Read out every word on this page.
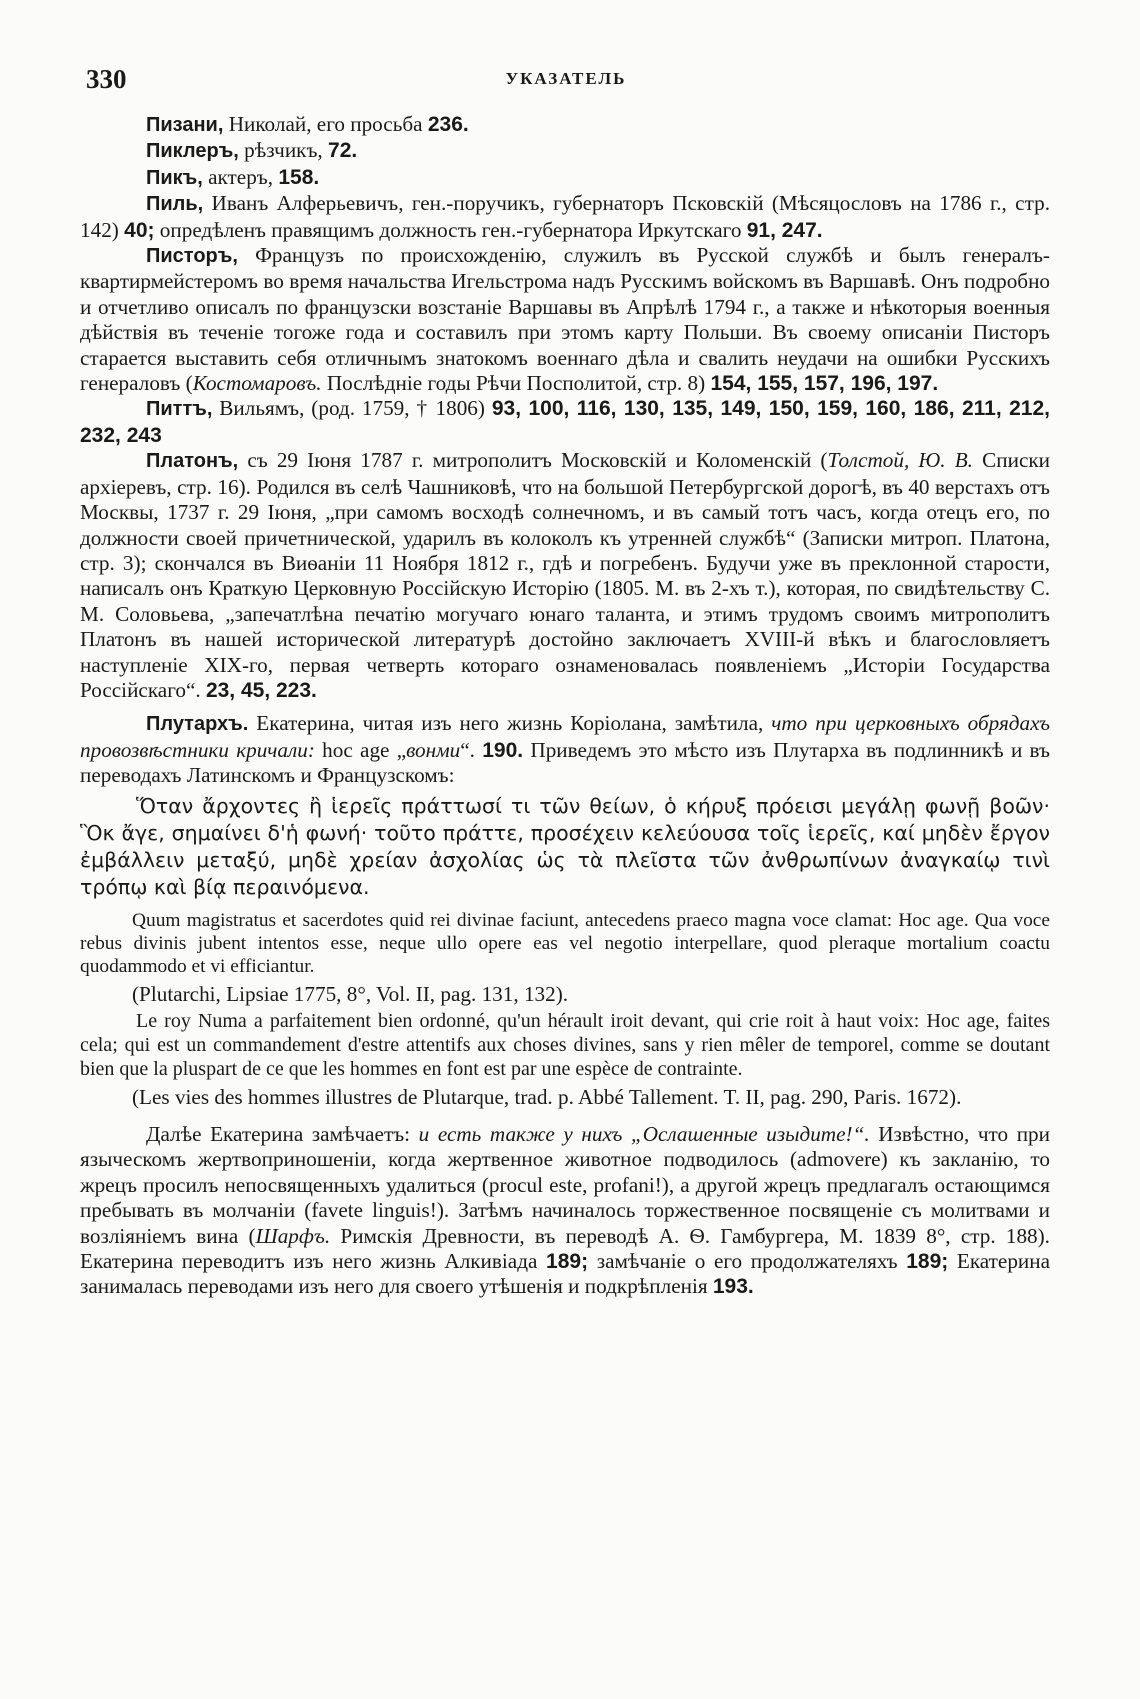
330	УКАЗАТЕЛЬ

Пизани, Николай, его просьба 236.

Пиклеръ, рѣзчикъ, 72.

Пикъ, актеръ, 158.

Пиль, Иванъ Алферьевичъ, ген.-поручикъ, губернаторъ Псковскій (Мѣсяцословъ на 1786 г., стр. 142) 40; опредѣленъ правящимъ должность ген.-губернатора Иркутскаго 91, 247.

Писторъ, Французъ по происхожденію, служилъ въ Русской службѣ и былъ генералъ-квартирмейстеромъ во время начальства Игельстрома надъ Русскимъ войскомъ въ Варшавѣ. Онъ подробно и отчетливо описалъ по французски возстаніе Варшавы въ Апрѣлѣ 1794 г., а также и нѣкоторыя военныя дѣйствія въ теченіе тогоже года и составилъ при этомъ карту Польши. Въ своему описаніи Писторъ старается выставить себя отличнымъ знатокомъ военнаго дѣла и свалить неудачи на ошибки Русскихъ генераловъ (Костомаровъ. Послѣдніе годы Рѣчи Посполитой, стр. 8) 154, 155, 157, 196, 197.

Питтъ, Вильямъ, (род. 1759, † 1806) 93, 100, 116, 130, 135, 149, 150, 159, 160, 186, 211, 212, 232, 243

Платонъ, съ 29 Іюня 1787 г. митрополитъ Московскій и Коломенскій (Толстой, Ю. В. Списки архіеревъ, стр. 16). Родился въ селѣ Чашниковѣ, что на большой Петербургской дорогѣ, въ 40 верстахъ отъ Москвы, 1737 г. 29 Іюня, „при самомъ восходѣ солнечномъ, и въ самый тотъ часъ, когда отецъ его, по должности своей причетнической, ударилъ въ колоколъ къ утренней службѣ“ (Записки митроп. Платона, стр. 3); скончался въ Виѳаніи 11 Ноября 1812 г., гдѣ и погребенъ. Будучи уже въ преклонной старости, написалъ онъ Краткую Церковную Россійскую Исторію (1805. М. въ 2-хъ т.), которая, по свидѣтельству С. М. Соловьева, „запечатлѣна печатію могучаго юнаго таланта, и этимъ трудомъ своимъ митрополитъ Платонъ въ нашей исторической литературѣ достойно заключаетъ XVIII-й вѣкъ и благословляетъ наступленіе XIX-го, первая четверть котораго ознаменовалась появленіемъ „Исторіи Государства Россійскаго“. 23, 45, 223.

Плутархъ. Екатерина, читая изъ него жизнь Коріолана, замѣтила, что при церковныхъ обрядахъ провозвѣстники кричали: hoc age „вонми“. 190. Приведемъ это мѣсто изъ Плутарха въ подлинникѣ и въ переводахъ Латинскомъ и Французскомъ:

Ὅταν ἄρχοντες ἢ ἱερεῖς πράττωσί τι τῶν θείων, ὁ κήρυξ πρόεισι μεγάλῃ φωνῇ βοῶν· Ὃκ ἄγε, σημαίνει δ'ἡ φωνή· τοῦτο πράττε, προσέχειν κελεύουσα τοῖς ἱερεῖς, καί μηδὲν ἔργον ἐμβάλλειν μεταξύ, μηδὲ χρείαν ἀσχολίας ὡς τὰ πλεῖστα τῶν ἀνθρωπίνων ἀναγκαίῳ τινὶ τρόπῳ καὶ βίᾳ περαινόμενα.

Quum magistratus et sacerdotes quid rei divinae faciunt, antecedens praeco magna voce clamat: Hoc age. Qua voce rebus divinis jubent intentos esse, neque ullo opere eas vel negotio interpellare, quod pleraque mortalium coactu quodammodo et vi efficiantur.

(Plutarchi, Lipsiae 1775, 8°, Vol. II, pag. 131, 132).

Le roy Numa a parfaitement bien ordonné, qu'un hérault iroit devant, qui crie roit à haut voix: Hoc age, faites cela; qui est un commandement d'estre attentifs aux choses divines, sans y rien mêler de temporel, comme se doutant bien que la pluspart de ce que les hommes en font est par une espèce de contrainte.

(Les vies des hommes illustres de Plutarque, trad. p. Abbé Tallement. T. II, pag. 290, Paris. 1672).

Далѣе Екатерина замѣчаетъ: и есть также у нихъ „Ослашенные изыдите!“. Извѣстно, что при языческомъ жертвоприношеніи, когда жертвенное животное подводилось (admovere) къ закланію, то жрецъ просилъ непосвященныхъ удалиться (procul este, profani!), а другой жрецъ предлагалъ остающимся пребывать въ молчаніи (favete linguis!). Затѣмъ начиналось торжественное посвященіе съ молитвами и возліяніемъ вина (Шарфъ. Римскія Древности, въ переводѣ А. Ѳ. Гамбургера, М. 1839 8°, стр. 188). Екатерина переводитъ изъ него жизнь Алкивіада 189; замѣчаніе о его продолжателяхъ 189; Екатерина занималась переводами изъ него для своего утѣшенія и подкрѣпленія 193.
